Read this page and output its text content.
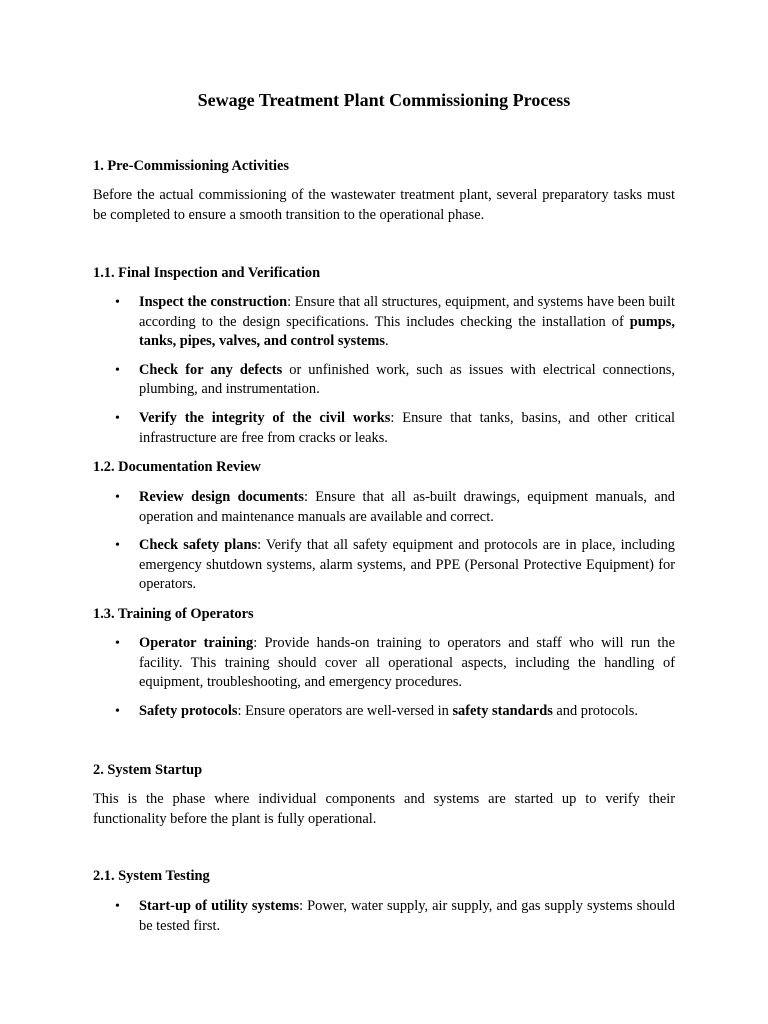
Sewage Treatment Plant Commissioning Process
1. Pre-Commissioning Activities
Before the actual commissioning of the wastewater treatment plant, several preparatory tasks must be completed to ensure a smooth transition to the operational phase.
1.1. Final Inspection and Verification
• Inspect the construction: Ensure that all structures, equipment, and systems have been built according to the design specifications. This includes checking the installation of pumps, tanks, pipes, valves, and control systems.
• Check for any defects or unfinished work, such as issues with electrical connections, plumbing, and instrumentation.
• Verify the integrity of the civil works: Ensure that tanks, basins, and other critical infrastructure are free from cracks or leaks.
1.2. Documentation Review
• Review design documents: Ensure that all as-built drawings, equipment manuals, and operation and maintenance manuals are available and correct.
• Check safety plans: Verify that all safety equipment and protocols are in place, including emergency shutdown systems, alarm systems, and PPE (Personal Protective Equipment) for operators.
1.3. Training of Operators
• Operator training: Provide hands-on training to operators and staff who will run the facility. This training should cover all operational aspects, including the handling of equipment, troubleshooting, and emergency procedures.
• Safety protocols: Ensure operators are well-versed in safety standards and protocols.
2. System Startup
This is the phase where individual components and systems are started up to verify their functionality before the plant is fully operational.
2.1. System Testing
• Start-up of utility systems: Power, water supply, air supply, and gas supply systems should be tested first.
